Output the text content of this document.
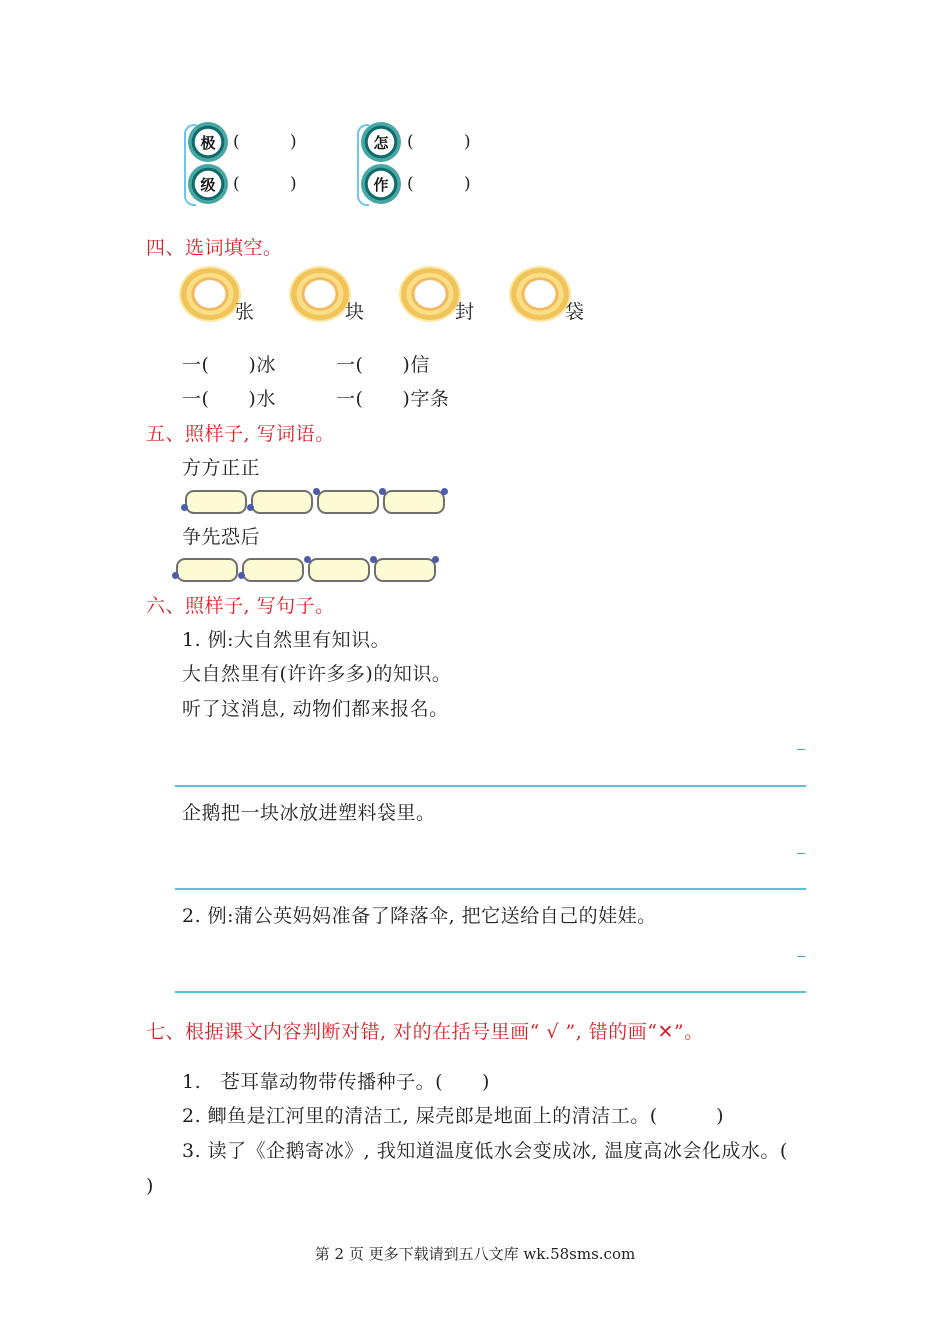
极 (	)
级 (	)
怎 (	)
作 (	)
四、选词填空。
张	块	封	袋
一(　　)冰	一(　　)信
一(　　)水	一(　　)字条
五、照样子, 写词语。
方方正正
争先恐后
六、照样子, 写句子。
1. 例:大自然里有知识。
大自然里有(许许多多)的知识。
听了这消息, 动物们都来报名。
企鹅把一块冰放进塑料袋里。
2. 例:蒲公英妈妈准备了降落伞, 把它送给自己的娃娃。
七、根据课文内容判断对错, 对的在括号里画“ √ ”, 错的画“✕”。
1.　苍耳靠动物带传播种子。(　　)
2. 鲫鱼是江河里的清洁工, 屎壳郎是地面上的清洁工。(　　　)
3. 读了《企鹅寄冰》, 我知道温度低水会变成冰, 温度高冰会化成水。(
)
第 2 页 更多下载请到五八文库 wk.58sms.com
